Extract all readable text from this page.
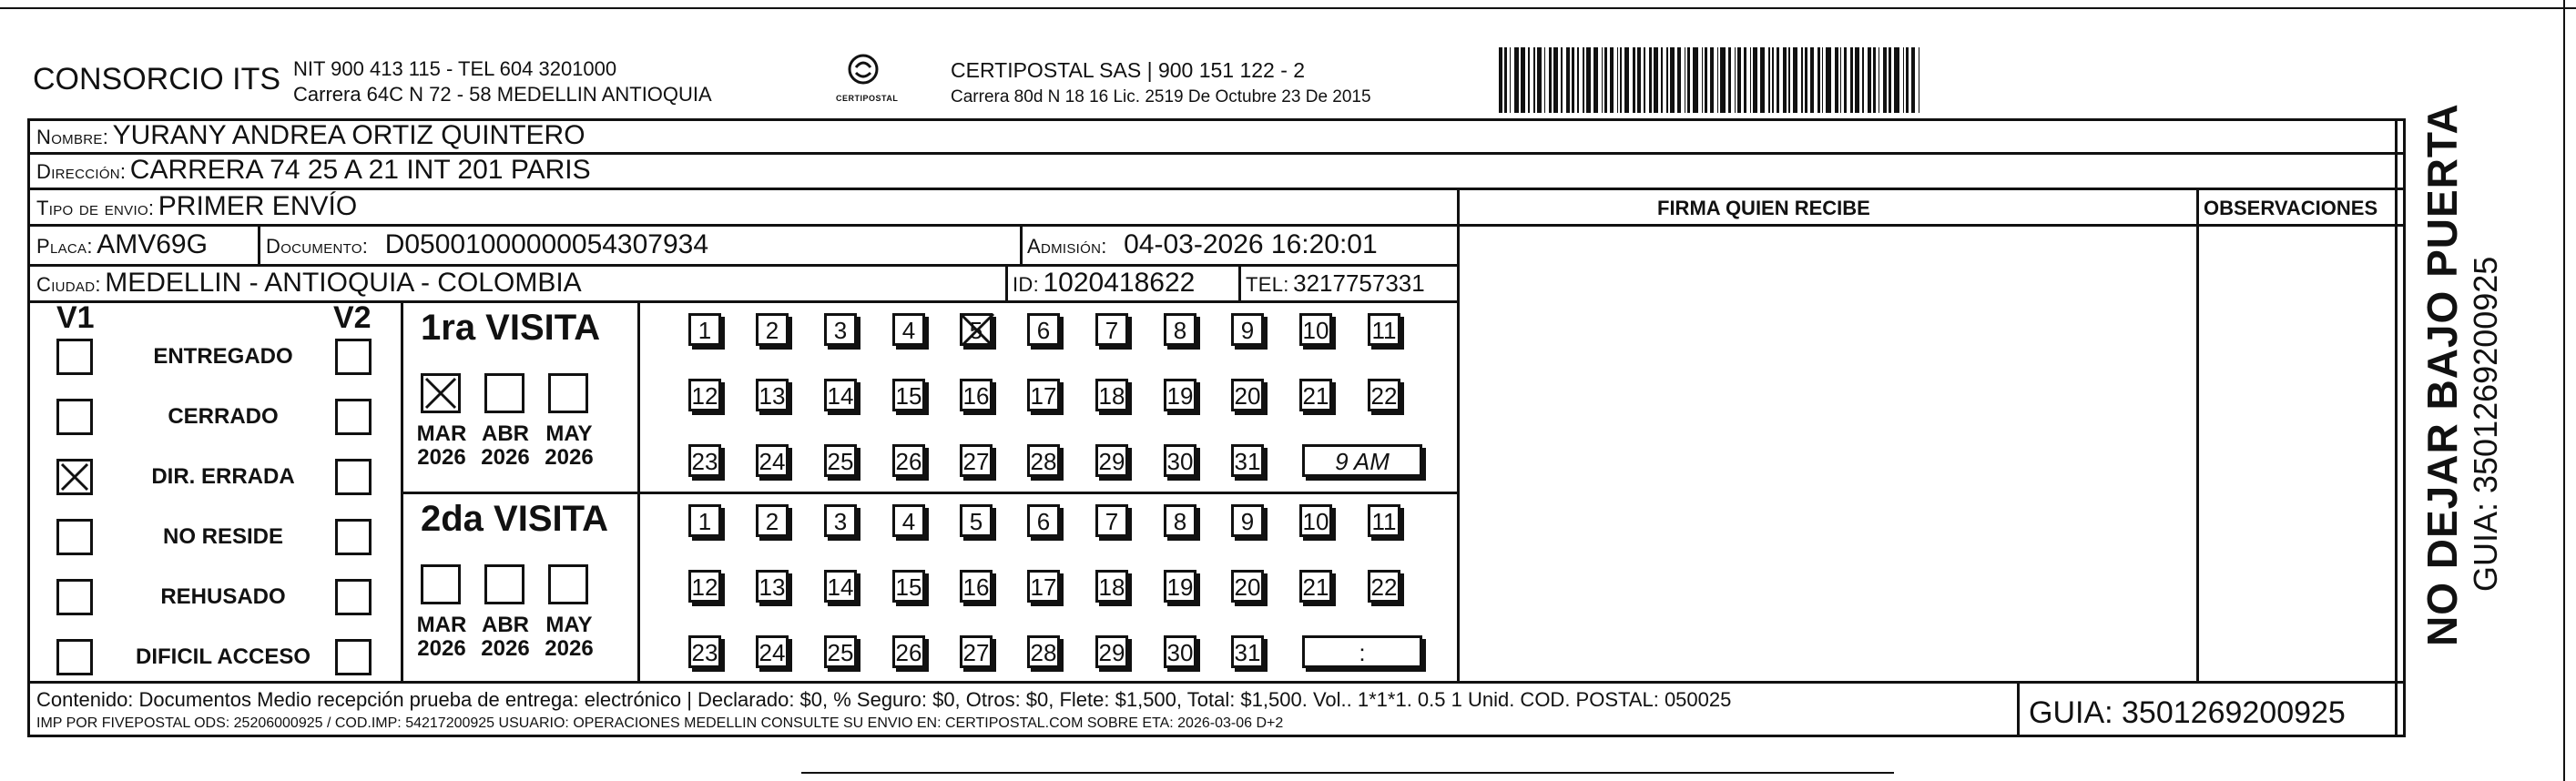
CONSORCIO ITS NIT 900 413 115 - TEL 604 3201000
Carrera 64C N 72 - 58 MEDELLIN ANTIOQUIA	CERTIPOSTAL
CERTIPOSTAL SAS | 900 151 122 - 2
Carrera 80d N 18 16 Lic. 2519 De Octubre 23 De 2015
Nombre: YURANY ANDREA ORTIZ QUINTERO
Dirección: CARRERA 74 25 A 21 INT 201 PARIS
Tipo de envio: PRIMER ENVÍO	FIRMA QUIEN RECIBE	OBSERVACIONES
Placa: AMV69G	Documento: D05001000000054307934	Admisión: 04-03-2026 16:20:01
Ciudad: MEDELLIN - ANTIOQUIA - COLOMBIA	ID: 1020418622	TEL: 3217757331
V1	V2
ENTREGADO
CERRADO
DIR. ERRADA
NO RESIDE
REHUSADO
DIFICIL ACCESO
1ra VISITA
MAR
2026
ABR
2026
MAY
2026
1	2	3	4	5	6	7	8	9	10 11
12 13 14 15 16 17 18 19 20 21 22
23 24 25 26 27 28 29 30 31	9 AM
2da VISITA
MAR
2026
ABR
2026
MAY
2026
1	2	3	4	5	6	7	8	9	10 11
12 13 14 15 16 17 18 19 20 21 22
23 24 25 26 27 28 29 30 31	:
Contenido: Documentos Medio recepción prueba de entrega: electrónico | Declarado: $0, % Seguro: $0, Otros: $0, Flete: $1,500, Total: $1,500. Vol.. 1*1*1. 0.5 1 Unid. COD. POSTAL: 050025
IMP POR FIVEPOSTAL ODS: 25206000925 / COD.IMP: 54217200925 USUARIO: OPERACIONES MEDELLIN CONSULTE SU ENVIO EN: CERTIPOSTAL.COM SOBRE ETA: 2026-03-06 D+2	GUIA: 3501269200925
NO DEJAR BAJO PUERTA GUIA: 3501269200925
